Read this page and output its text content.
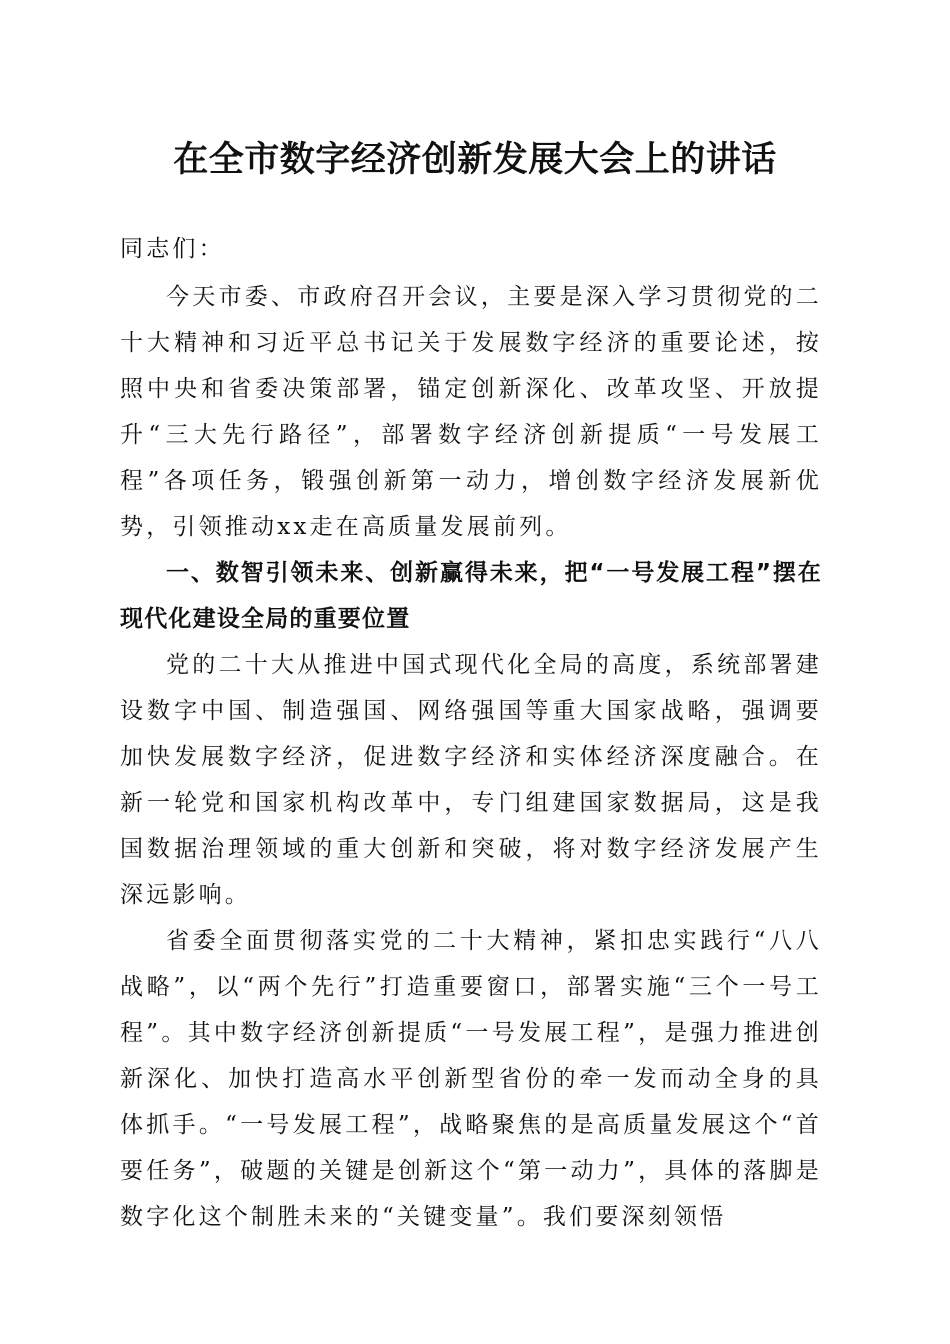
在全市数字经济创新发展大会上的讲话

同志们：

今天市委、市政府召开会议，主要是深入学习贯彻党的二十大精神和习近平总书记关于发展数字经济的重要论述，按照中央和省委决策部署，锚定创新深化、改革攻坚、开放提升“三大先行路径”，部署数字经济创新提质“一号发展工程”各项任务，锻强创新第一动力，增创数字经济发展新优势，引领推动xx走在高质量发展前列。

一、数智引领未来、创新赢得未来，把“一号发展工程”摆在现代化建设全局的重要位置

党的二十大从推进中国式现代化全局的高度，系统部署建设数字中国、制造强国、网络强国等重大国家战略，强调要加快发展数字经济，促进数字经济和实体经济深度融合。在新一轮党和国家机构改革中，专门组建国家数据局，这是我国数据治理领域的重大创新和突破，将对数字经济发展产生深远影响。

省委全面贯彻落实党的二十大精神，紧扣忠实践行“八八战略”，以“两个先行”打造重要窗口，部署实施“三个一号工程”。其中数字经济创新提质“一号发展工程”，是强力推进创新深化、加快打造高水平创新型省份的牵一发而动全身的具体抓手。“一号发展工程”，战略聚焦的是高质量发展这个“首要任务”，破题的关键是创新这个“第一动力”，具体的落脚是数字化这个制胜未来的“关键变量”。我们要深刻领悟
